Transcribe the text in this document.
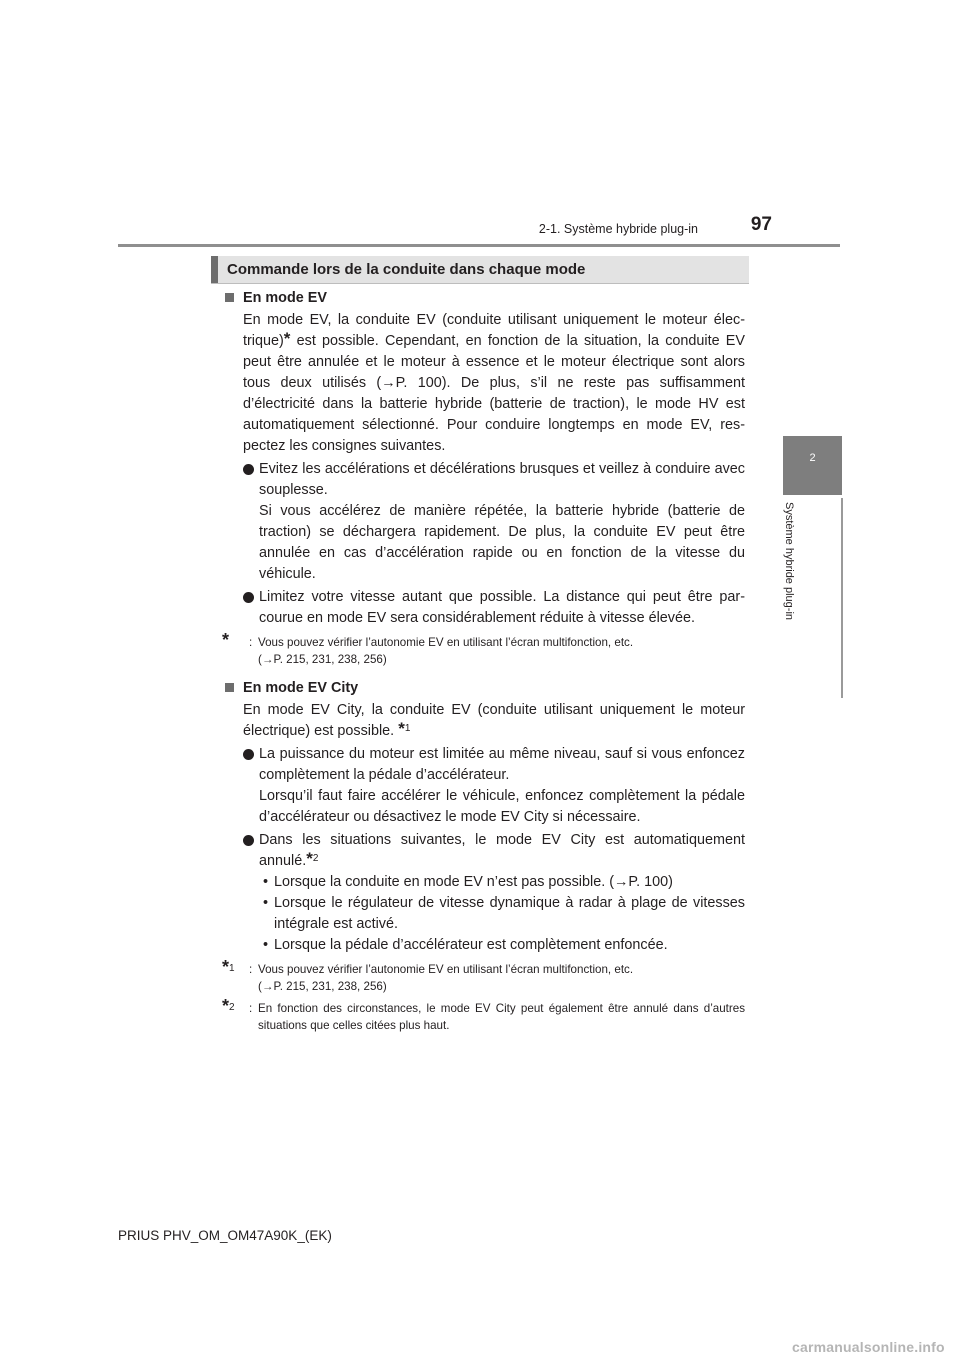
2-1. Système hybride plug-in	97
2
Système hybride plug-in
Commande lors de la conduite dans chaque mode
En mode EV

En mode EV, la conduite EV (conduite utilisant uniquement le moteur élec-trique)* est possible. Cependant, en fonction de la situation, la conduite EV peut être annulée et le moteur à essence et le moteur électrique sont alors tous deux utilisés (→P. 100). De plus, s’il ne reste pas suffisamment d’électricité dans la batterie hybride (batterie de traction), le mode HV est automatiquement sélectionné. Pour conduire longtemps en mode EV, res-pectez les consignes suivantes.

Evitez les accélérations et décélérations brusques et veillez à conduire avec souplesse.

Si vous accélérez de manière répétée, la batterie hybride (batterie de traction) se déchargera rapidement. De plus, la conduite EV peut être annulée en cas d’accélération rapide ou en fonction de la vitesse du véhicule.

Limitez votre vitesse autant que possible. La distance qui peut être par-courue en mode EV sera considérablement réduite à vitesse élevée.

* : Vous pouvez vérifier l’autonomie EV en utilisant l’écran multifonction, etc.

(→P. 215, 231, 238, 256)

En mode EV City

En mode EV City, la conduite EV (conduite utilisant uniquement le moteur électrique) est possible. *$^1$

La puissance du moteur est limitée au même niveau, sauf si vous enfoncez complètement la pédale d’accélérateur.

Lorsqu’il faut faire accélérer le véhicule, enfoncez complètement la pédale d’accélérateur ou désactivez le mode EV City si nécessaire.

Dans les situations suivantes, le mode EV City est automatiquement annulé.*$^2$

• Lorsque la conduite en mode EV n’est pas possible. (→P. 100)

• Lorsque le régulateur de vitesse dynamique à radar à plage de vitesses intégrale est activé.

• Lorsque la pédale d’accélérateur est complètement enfoncée.

*$^1$ : Vous pouvez vérifier l’autonomie EV en utilisant l’écran multifonction, etc.

(→P. 215, 231, 238, 256)

*$^2$ : En fonction des circonstances, le mode EV City peut également être annulé dans d’autres situations que celles citées plus haut.

PRIUS PHV_OM_OM47A90K_(EK)
carmanualsonline.info
